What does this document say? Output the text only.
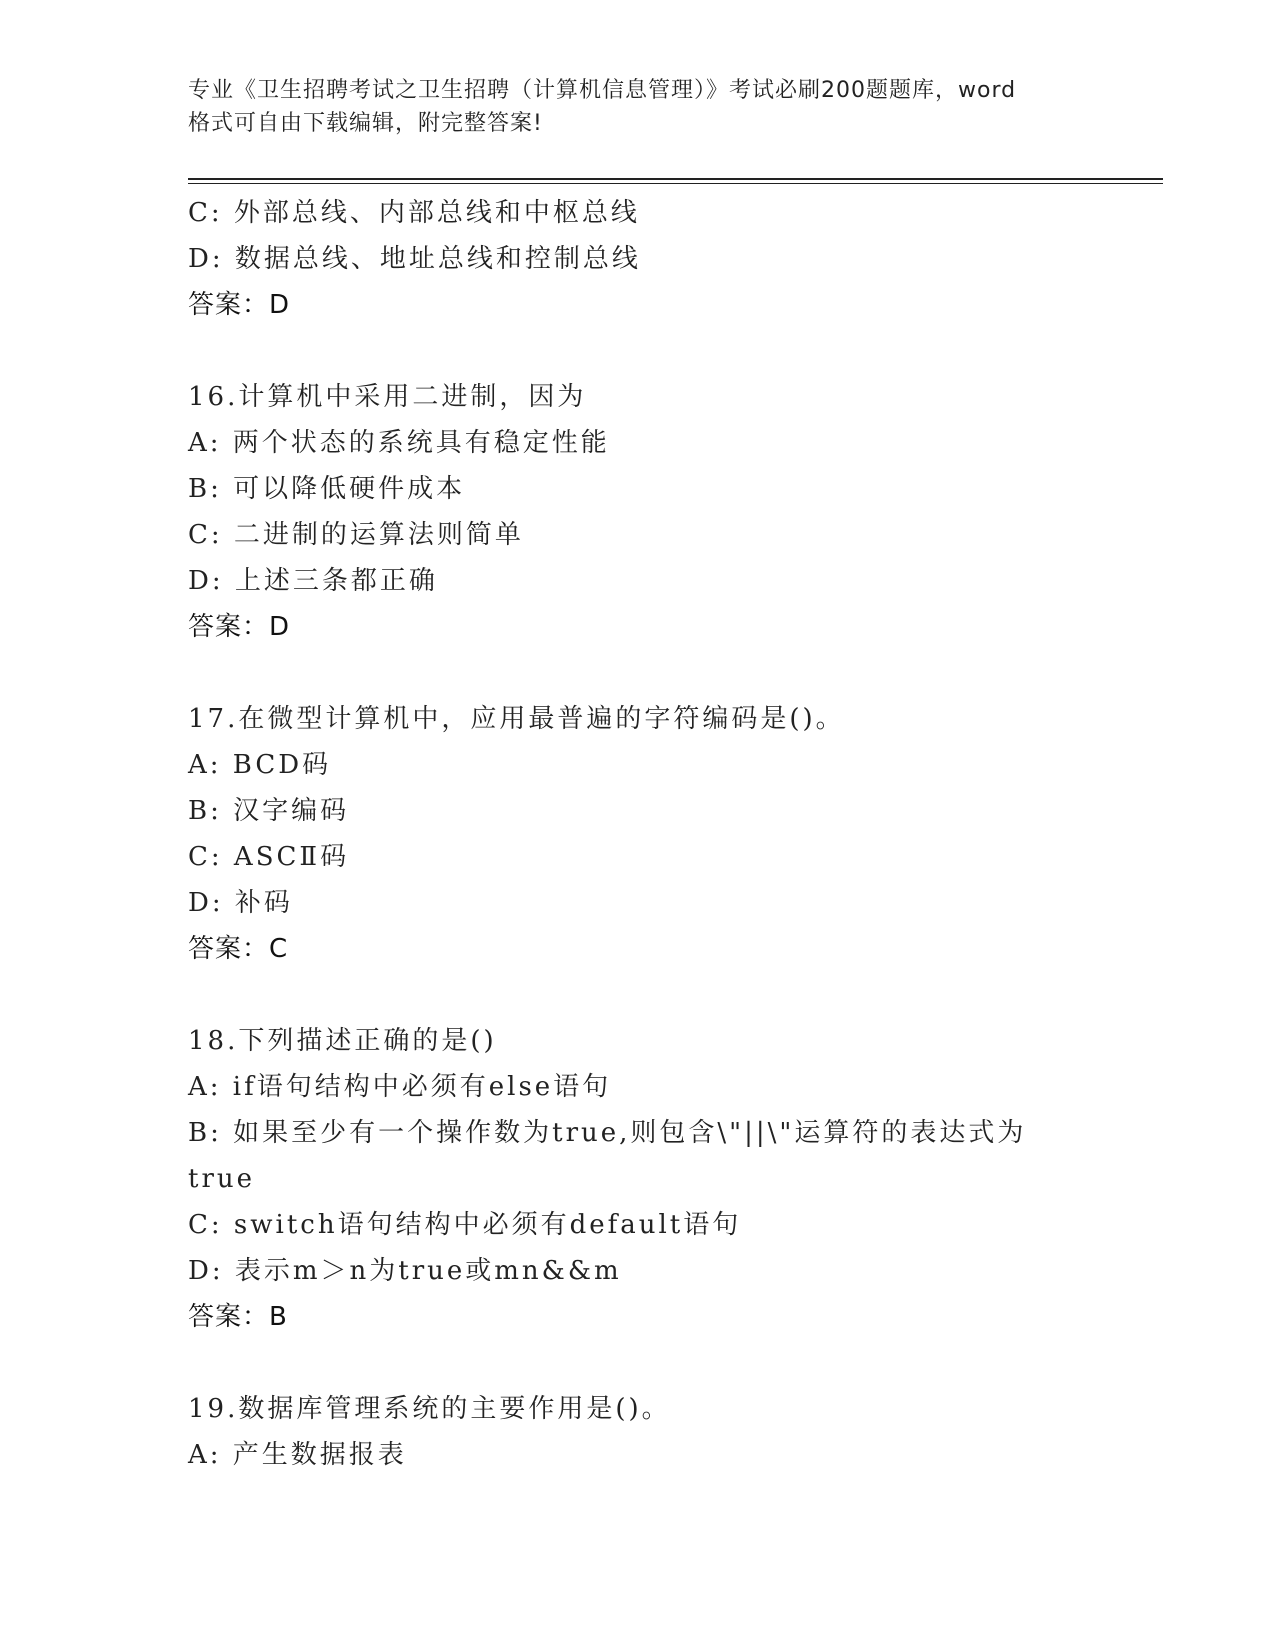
专业《卫生招聘考试之卫生招聘（计算机信息管理）》考试必刷200题题库，word
格式可自由下载编辑，附完整答案!
C: 外部总线、内部总线和中枢总线
D: 数据总线、地址总线和控制总线
答案：D
16.计算机中采用二进制，因为
A: 两个状态的系统具有稳定性能
B: 可以降低硬件成本
C: 二进制的运算法则简单
D: 上述三条都正确
答案：D
17.在微型计算机中，应用最普遍的字符编码是()。
A: BCD码
B: 汉字编码
C: ASCⅡ码
D: 补码
答案：C
18.下列描述正确的是()
A: if语句结构中必须有else语句
B: 如果至少有一个操作数为true,则包含\"||\"运算符的表达式为
true
C: switch语句结构中必须有default语句
D: 表示m＞n为true或mn&&m
答案：B
19.数据库管理系统的主要作用是()。
A: 产生数据报表
